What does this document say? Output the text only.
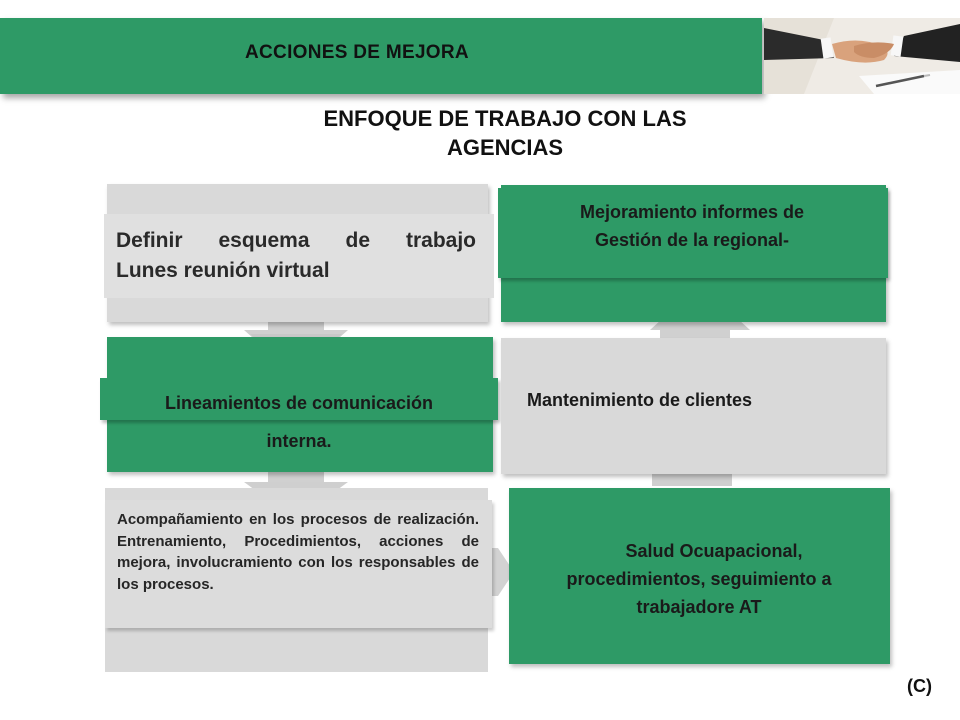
ACCIONES DE MEJORA
ENFOQUE DE TRABAJO CON LAS
AGENCIAS
Definir esquema de trabajo
Lunes reunión virtual
Lineamientos de comunicación
interna.
Acompañamiento en los procesos de realización. Entrenamiento, Procedimientos, acciones de mejora, involucramiento con los responsables de los procesos.
Mejoramiento informes de
Gestión de la regional-
Mantenimiento de clientes
Salud Ocuapacional,
procedimientos, seguimiento a
trabajadore AT
(C)
